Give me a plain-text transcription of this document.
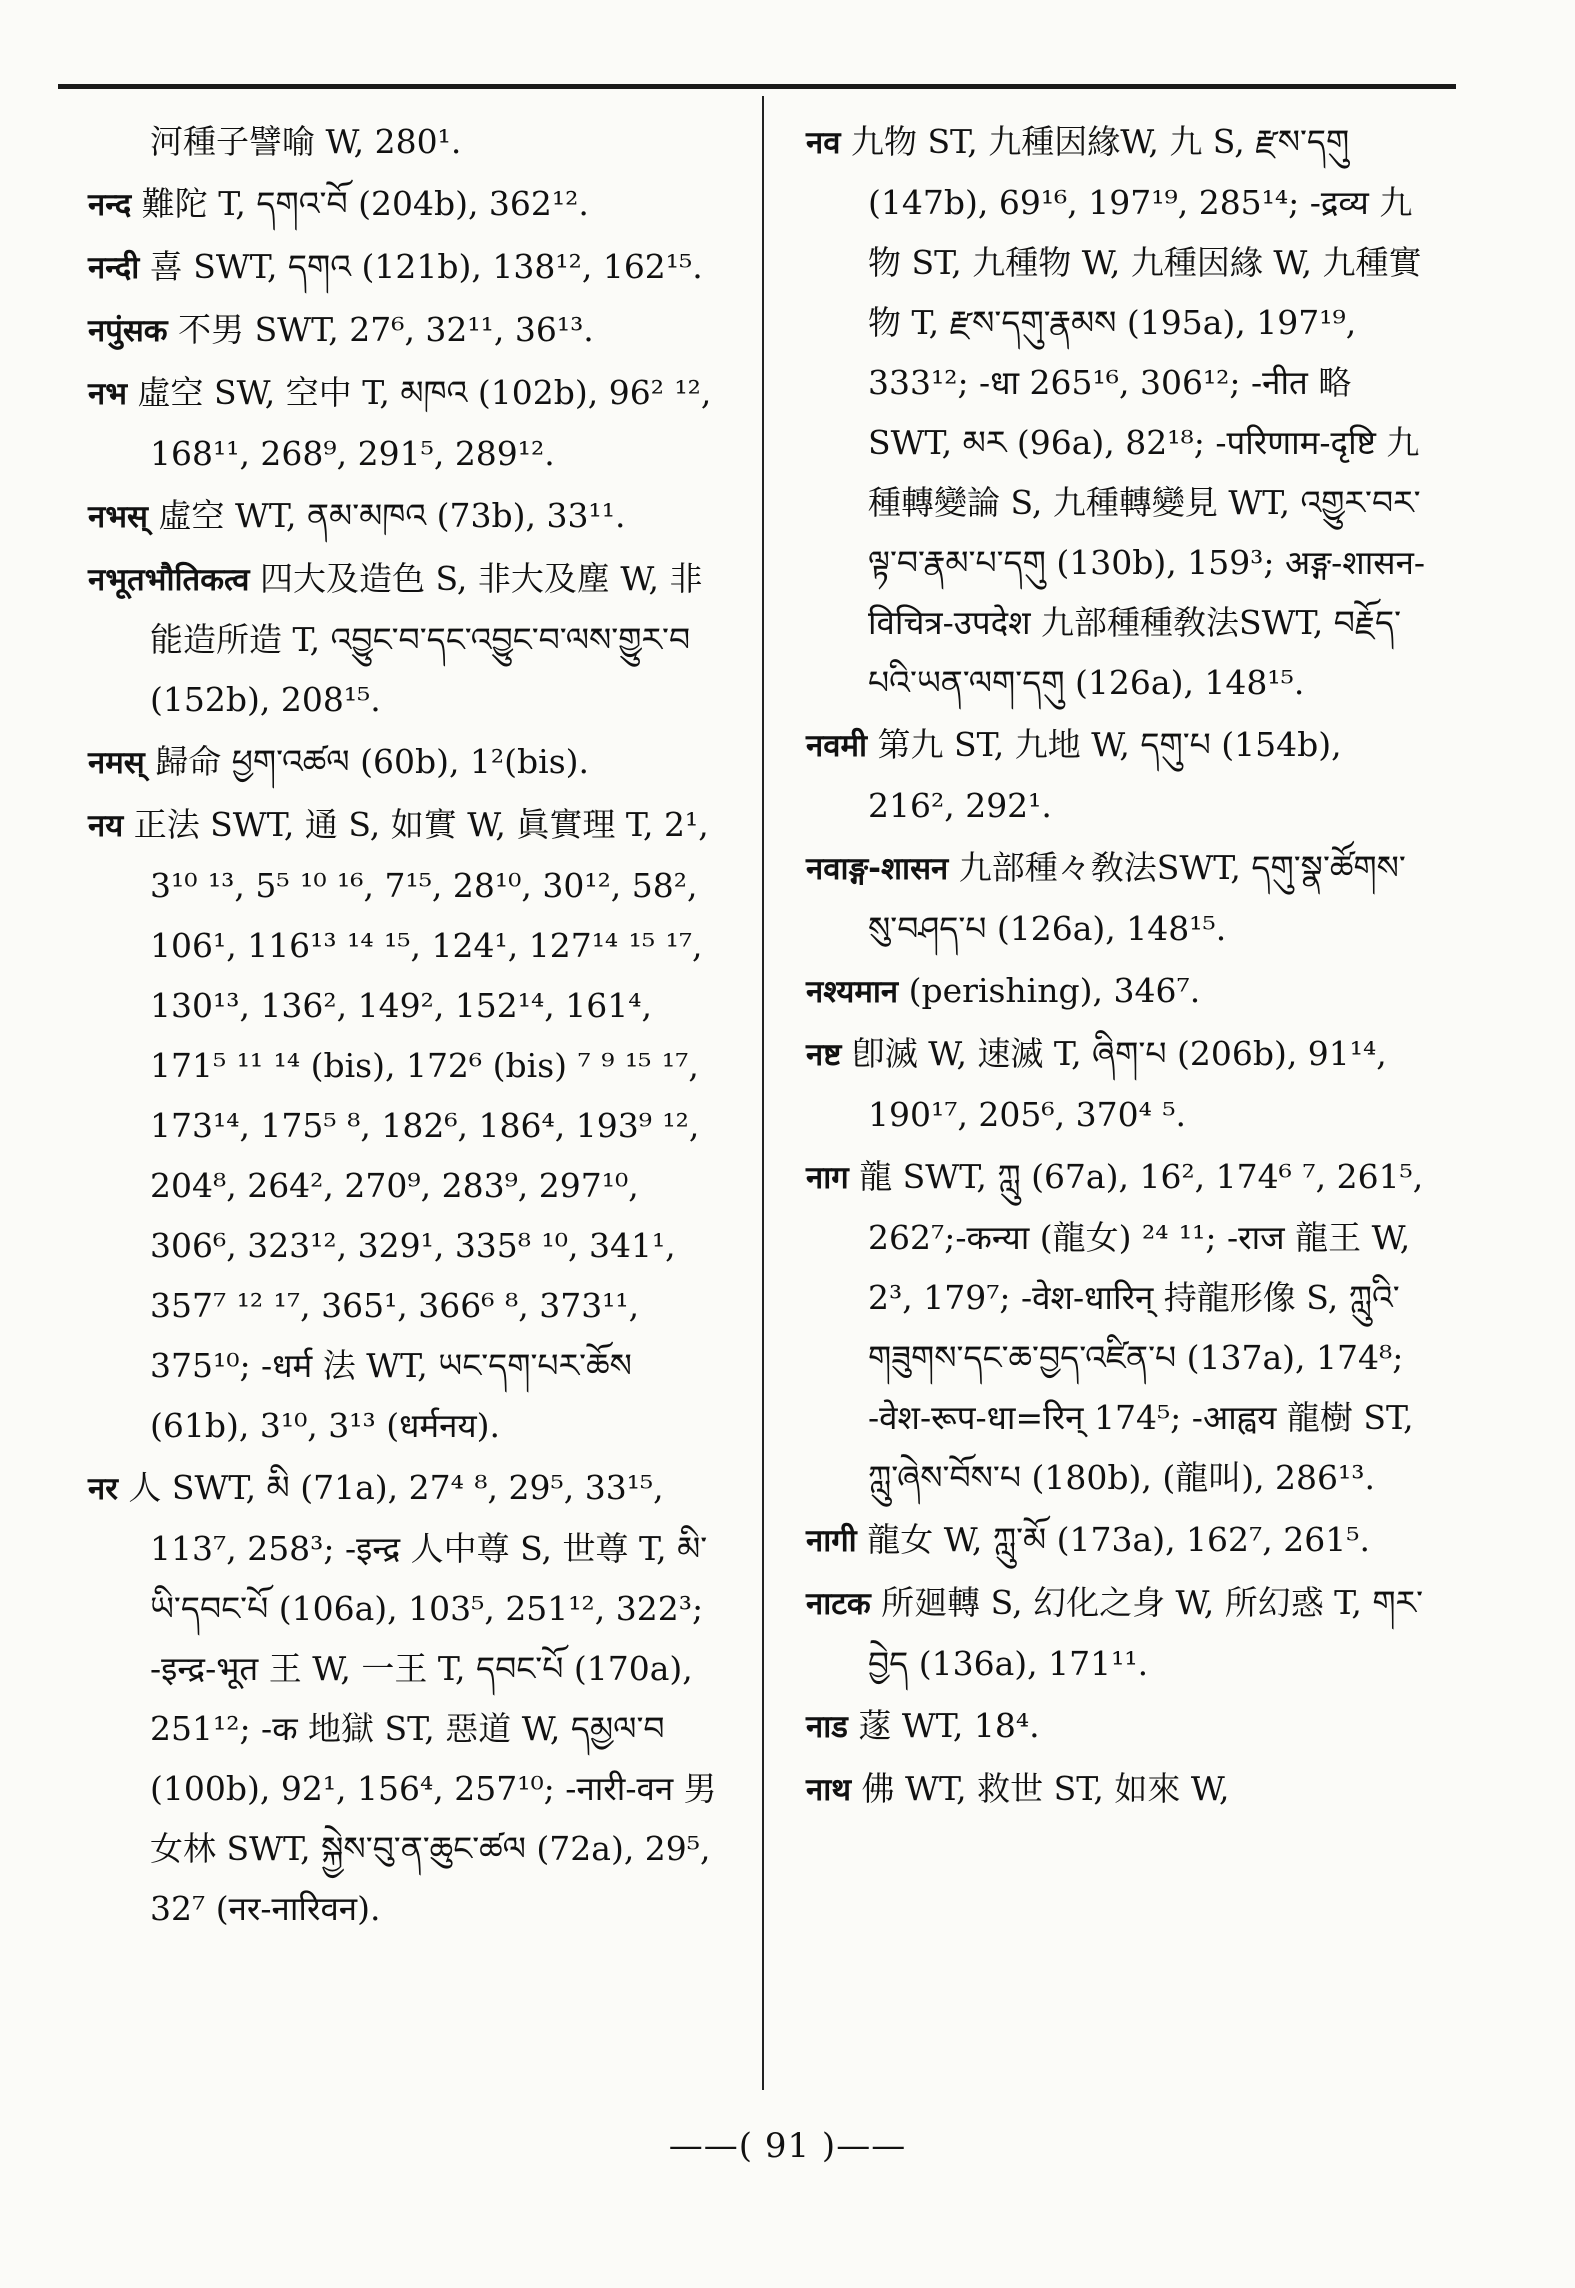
河種子譬喻 W, 280¹.
नन्द 難陀 T, དགའ་བོ (204b), 362¹².
नन्दी 喜 SWT, དགའ (121b), 138¹², 162¹⁵.
नपुंसक 不男 SWT, 27⁶, 32¹¹, 36¹³.
नभ 虛空 SW, 空中 T, མཁའ (102b), 96² ¹², 168¹¹, 268⁹, 291⁵, 289¹².
नभस् 虛空 WT, ནམ་མཁའ (73b), 33¹¹.
नभूतभौतिकत्व 四大及造色 S, 非大及塵 W, 非能造所造 T, འབྱུང་བ་དང་འབྱུང་བ་ལས་གྱུར་བ (152b), 208¹⁵.
नमस् 歸命 ཕྱག་འཚལ (60b), 1²(bis).
नय 正法 SWT, 通 S, 如實 W, 眞實理 T, 2¹, 3¹⁰ ¹³, 5⁵ ¹⁰ ¹⁶, 7¹⁵, 28¹⁰, 30¹², 58², 106¹, 116¹³ ¹⁴ ¹⁵, 124¹, 127¹⁴ ¹⁵ ¹⁷, 130¹³, 136², 149², 152¹⁴, 161⁴, 171⁵ ¹¹ ¹⁴ (bis), 172⁶ (bis) ⁷ ⁹ ¹⁵ ¹⁷, 173¹⁴, 175⁵ ⁸, 182⁶, 186⁴, 193⁹ ¹², 204⁸, 264², 270⁹, 283⁹, 297¹⁰, 306⁶, 323¹², 329¹, 335⁸ ¹⁰, 341¹, 357⁷ ¹² ¹⁷, 365¹, 366⁶ ⁸, 373¹¹, 375¹⁰; -धर्म 法 WT, ཡང་དག་པར་ཆོས (61b), 3¹⁰, 3¹³ (धर्मनय).
नर 人 SWT, མི (71a), 27⁴ ⁸, 29⁵, 33¹⁵, 113⁷, 258³; -इन्द्र 人中尊 S, 世尊 T, མི་ཡི་དབང་པོ (106a), 103⁵, 251¹², 322³; -इन्द्र-भूत 王 W, 一王 T, དབང་པོ (170a), 251¹²; -क 地獄 ST, 惡道 W, དམྱལ་བ (100b), 92¹, 156⁴, 257¹⁰; -नारी-वन 男女林 SWT, སྐྱེས་བུ་ན་ཆུང་ཚལ (72a), 29⁵, 32⁷ (नर-नारिवन).
नव 九物 ST, 九種因緣W, 九 S, རྫས་དགུ (147b), 69¹⁶, 197¹⁹, 285¹⁴; -द्रव्य 九物 ST, 九種物 W, 九種因緣 W, 九種實物 T, རྫས་དགུ་རྣམས (195a), 197¹⁹, 333¹²; -धा 265¹⁶, 306¹²; -नीत 略SWT, མར (96a), 82¹⁸; -परिणाम-दृष्टि 九種轉變論 S, 九種轉變見 WT, འགྱུར་བར་ལྟ་བ་རྣམ་པ་དགུ (130b), 159³; अङ्ग-शासन-विचित्र-उपदेश 九部種種敎法SWT, བརྗོད་པའི་ཡན་ལག་དགུ (126a), 148¹⁵.
नवमी 第九 ST, 九地 W, དགུ་པ (154b), 216², 292¹.
नवाङ्ग-शासन 九部種々敎法SWT, དགུ་སྣ་ཚོགས་སུ་བཤད་པ (126a), 148¹⁵.
नश्यमान (perishing), 346⁷.
नष्ट 卽滅 W, 速滅 T, ཞིག་པ (206b), 91¹⁴, 190¹⁷, 205⁶, 370⁴ ⁵.
नाग 龍 SWT, ཀླུ (67a), 16², 174⁶ ⁷, 261⁵, 262⁷;-कन्या (龍女) ²⁴ ¹¹; -राज 龍王 W, 2³, 179⁷; -वेश-धारिन् 持龍形像 S, ཀླུའི་གཟུགས་དང་ཆ་བྱད་འཛིན་པ (137a), 174⁸; -वेश-रूप-धा=रिन् 174⁵; -आह्वय 龍樹 ST, ཀླུ་ཞེས་བོས་པ (180b), (龍叫), 286¹³.
नागी 龍女 W, ཀླུ་མོ (173a), 162⁷, 261⁵.
नाटक 所廻轉 S, 幻化之身 W, 所幻惑 T, གར་བྱེད (136a), 171¹¹.
नाड 蓫 WT, 18⁴.
नाथ 佛 WT, 救世 ST, 如來 W,
——( 91 )——
